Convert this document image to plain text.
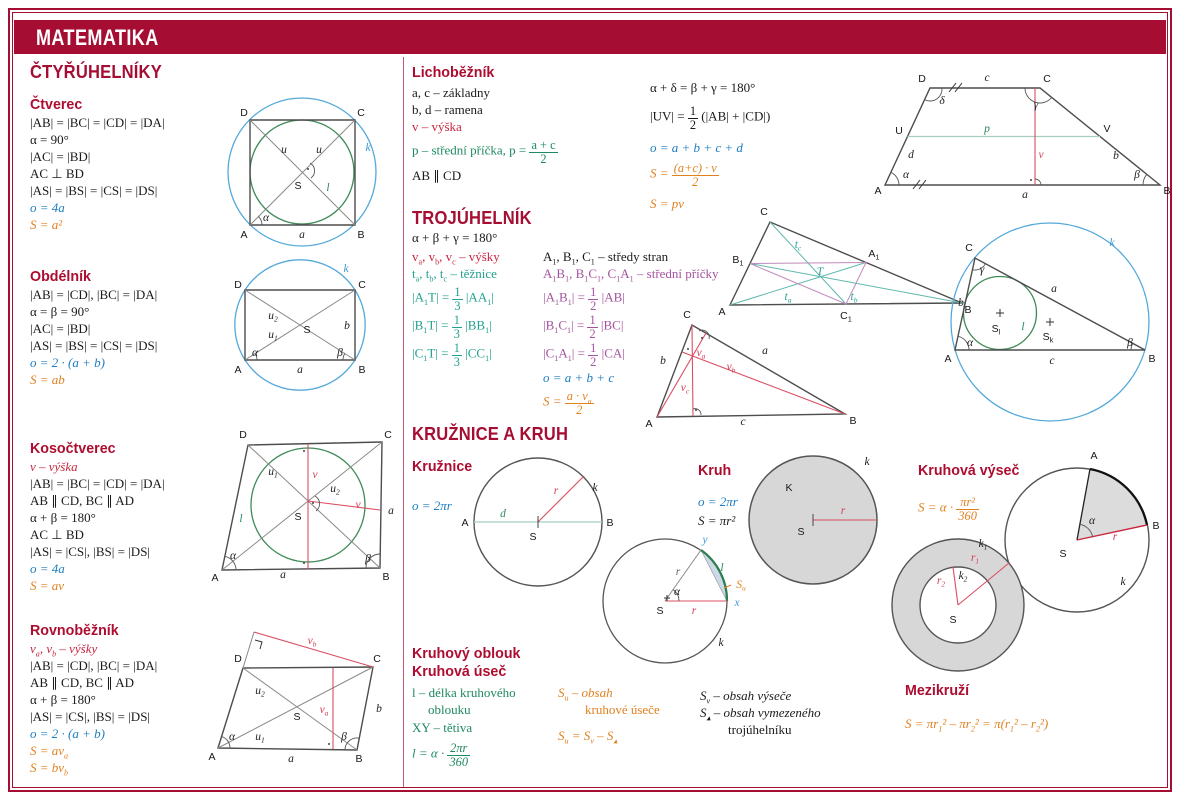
MATEMATIKA
ČTYŘÚHELNÍKY
Čtverec
|AB| = |BC| = |CD| = |DA|
α = 90°
|AC| = |BD|
AC ⊥ BD
|AS| = |BS| = |CS| = |DS|
o = 4a
S = a²
Obdélník
|AB| = |CD|, |BC| = |DA|
α = β = 90°
|AC| = |BD|
|AS| = |BS| = |CS| = |DS|
o = 2 · (a + b)
S = ab
Kosočtverec
v – výška
|AB| = |BC| = |CD| = |DA|
AB ∥ CD, BC ∥ AD
α + β = 180°
AC ⊥ BD
|AS| = |CS|, |BS| = |DS|
o = 4a
S = av
Rovnoběžník
$v_a$, $v_b$ – výšky
|AB| = |CD|, |BC| = |DA|
AB ∥ CD, BC ∥ AD
α + β = 180°
|AS| = |CS|, |BS| = |DS|
o = 2 · (a + b)
$S = av_a$
$S = bv_b$
Lichoběžník
a, c – základny
b, d – ramena
v – výška
p – střední příčka, $p = \frac{a + c}{2}$
AB ∥ CD
α + δ = β + γ = 180°
$|UV| = \frac{1}{2} (|AB| + |CD|)$
o = a + b + c + d
$S = \frac{(a+c) \cdot v}{2}$
S = pv
TROJÚHELNÍK
α + β + γ = 180°
$v_a$, $v_b$, $v_c$ – výšky
$t_a$, $t_b$, $t_c$ – těžnice
$|A_1T| = \frac{1}{3} |AA_1|$
$|B_1T| = \frac{1}{3} |BB_1|$
$|C_1T| = \frac{1}{3} |CC_1|$
$A_1$, $B_1$, $C_1$ – středy stran
$A_1B_1$, $B_1C_1$, $C_1A_1$ – střední příčky
$|A_1B_1| = \frac{1}{2} |AB|$
$|B_1C_1| = \frac{1}{2} |BC|$
$|C_1A_1| = \frac{1}{2} |CA|$
o = a + b + c
$S = \frac{a \cdot v_a}{2}$
KRUŽNICE A KRUH
Kružnice
o = 2πr
Kruh
o = 2πr
S = πr²
Kruhová výseč
$S = \alpha \cdot \frac{\text{πr²}}{360}$
Kruhový oblouk
Kruhová úseč
l – délka kruhového
oblouku
XY – tětiva
$l = \alpha \cdot \frac{2\pi r}{360}$
$S_u$ – obsah
kruhové úseče
$S_u = S_v - S_▴$
$S_v$ – obsah výseče
$S_▴$ – obsah vymezeného
trojúhelníku
Mezikruží
$S = \pi r_1^2 - \pi r_2^2 = \pi(r_1^2 - r_2^2)$
D	C
A	B
u	u
S l
k
α
a
D	C
A	B
k
$u_2$
$u_1$
S	b
a
α	β
D	C
A	B
$u_1$	v
$u_2$
v
l	S
α	β
a
a
A	B
C
D
$v_b$
$u_2$
$u_1$
S
$v_a$	b
a
α	β
D	C
A	B
U	V
p
v
d	b
c
a
α	β
γ
δ
C
A	B
$B_1$
$A_1$
$C_1$
T
$t_c$
$t_a$	$t_b$
C
A	B
b
a
c
$v_a$
$v_b$
$v_c$
A	B
C	k
a
b
c
α	β
γ
$S_l$ l
$S_k$
A	B
S
d
r	k	K
S
r
k	A
B
S
r
α
k
y
x
r
r
α
S
l
$S_u$
k
$k_1$
$r_1$
$k_2$
$r_2$
S
